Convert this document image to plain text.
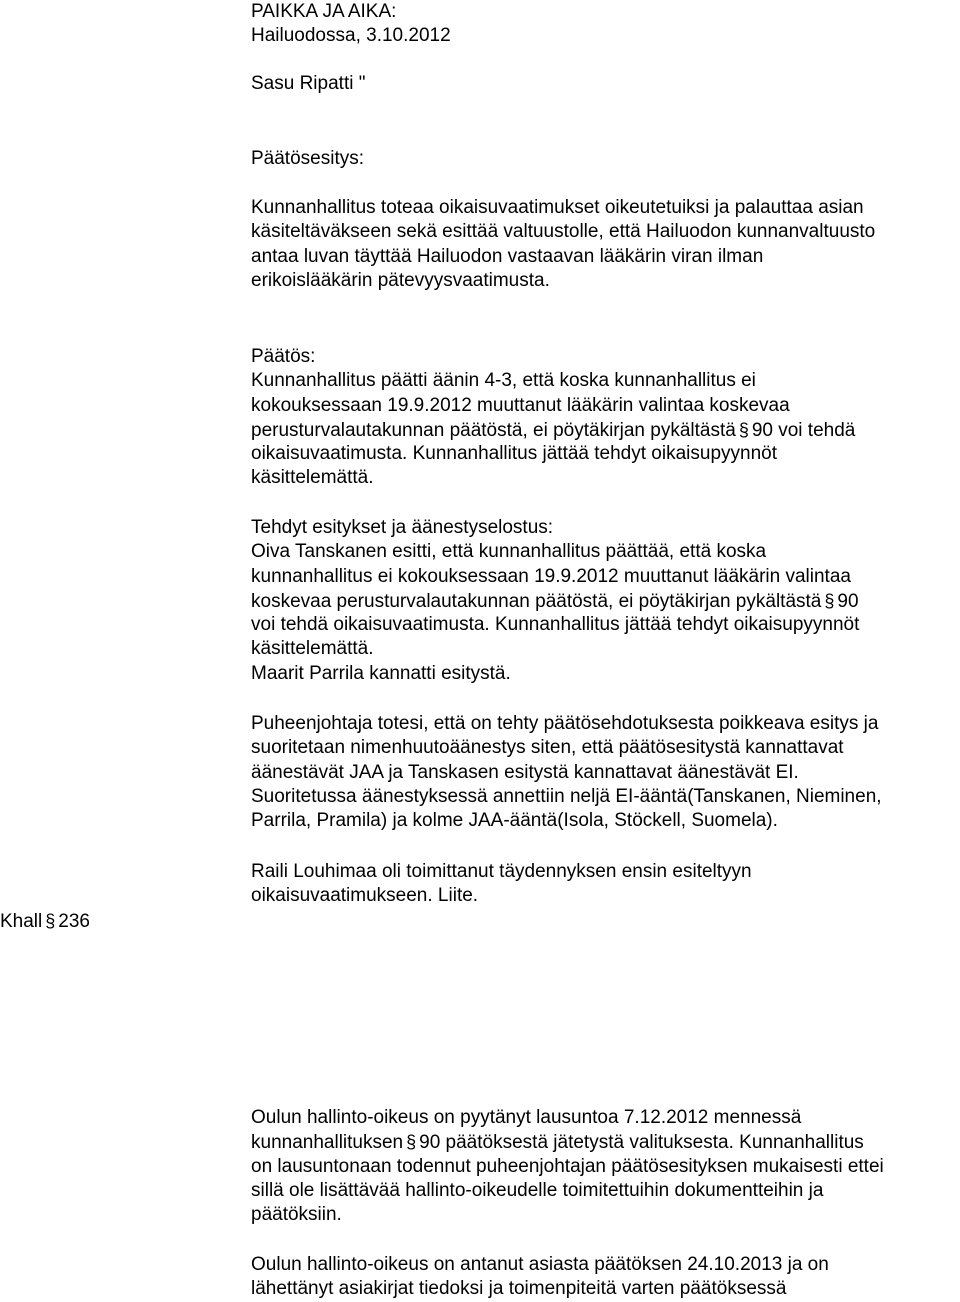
PAIKKA JA AIKA:
Hailuodossa, 3.10.2012
Sasu Ripatti "
Päätösesitys:
Kunnanhallitus toteaa oikaisuvaatimukset oikeutetuiksi ja palauttaa asian
käsiteltäväkseen sekä esittää valtuustolle, että Hailuodon kunnanvaltuusto
antaa luvan täyttää Hailuodon vastaavan lääkärin viran ilman
erikoislääkärin pätevyysvaatimusta.
Päätös:
Kunnanhallitus päätti äänin 4-3, että koska kunnanhallitus ei
kokouksessaan 19.9.2012 muuttanut lääkärin valintaa koskevaa
perusturvalautakunnan päätöstä, ei pöytäkirjan pykältästä § 90 voi tehdä
oikaisuvaatimusta. Kunnanhallitus jättää tehdyt oikaisupyynnöt
käsittelemättä.
Tehdyt esitykset ja äänestyselostus:
Oiva Tanskanen esitti, että kunnanhallitus päättää, että koska
kunnanhallitus ei kokouksessaan 19.9.2012 muuttanut lääkärin valintaa
koskevaa perusturvalautakunnan päätöstä, ei pöytäkirjan pykältästä § 90
voi tehdä oikaisuvaatimusta. Kunnanhallitus jättää tehdyt oikaisupyynnöt
käsittelemättä.
Maarit Parrila kannatti esitystä.
Puheenjohtaja totesi, että on tehty päätösehdotuksesta poikkeava esitys ja
suoritetaan nimenhuutoäänestys siten, että päätösesitystä kannattavat
äänestävät JAA ja Tanskasen esitystä kannattavat äänestävät EI.
Suoritetussa äänestyksessä annettiin neljä EI-ääntä(Tanskanen, Nieminen,
Parrila, Pramila) ja kolme JAA-ääntä(Isola, Stöckell, Suomela).
Raili Louhimaa oli toimittanut täydennyksen ensin esiteltyyn
oikaisuvaatimukseen. Liite.
Khall § 236
Oulun hallinto-oikeus on pyytänyt lausuntoa 7.12.2012 mennessä
kunnanhallituksen § 90 päätöksestä jätetystä valituksesta. Kunnanhallitus
on lausuntonaan todennut puheenjohtajan päätösesityksen mukaisesti ettei
sillä ole lisättävää hallinto-oikeudelle toimitettuihin dokumentteihin ja
päätöksiin.
Oulun hallinto-oikeus on antanut asiasta päätöksen 24.10.2013 ja on
lähettänyt asiakirjat tiedoksi ja toimenpiteitä varten päätöksessä
